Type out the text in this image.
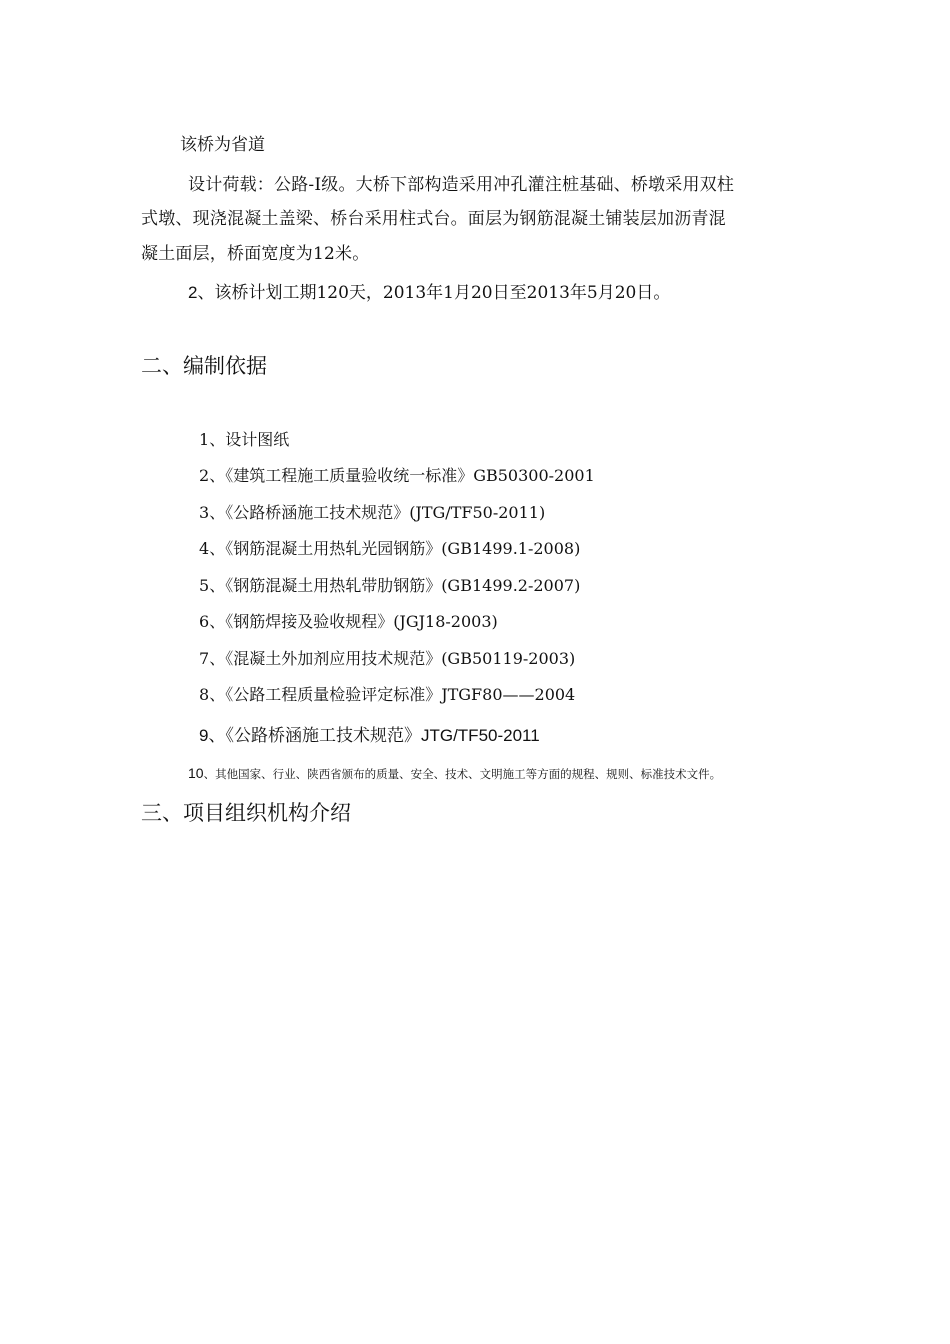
该桥为省道
设计荷载：公路-I级。大桥下部构造采用冲孔灌注桩基础、桥墩采用双柱
式墩、现浇混凝土盖梁、桥台采用柱式台。面层为钢筋混凝土铺装层加沥青混
凝土面层，桥面宽度为12米。
2、该桥计划工期120天，2013年1月20日至2013年5月20日。
二、编制依据
1、设计图纸
2、《建筑工程施工质量验收统一标准》GB50300-2001
3、《公路桥涵施工技术规范》(JTG/TF50-2011)
4、《钢筋混凝土用热轧光园钢筋》(GB1499.1-2008)
5、《钢筋混凝土用热轧带肋钢筋》(GB1499.2-2007)
6、《钢筋焊接及验收规程》(JGJ18-2003)
7、《混凝土外加剂应用技术规范》(GB50119-2003)
8、《公路工程质量检验评定标准》JTGF80——2004
9、《公路桥涵施工技术规范》JTG/TF50-2011
10、其他国家、行业、陕西省颁布的质量、安全、技术、文明施工等方面的规程、规则、标准技术文件。
三、项目组织机构介绍
